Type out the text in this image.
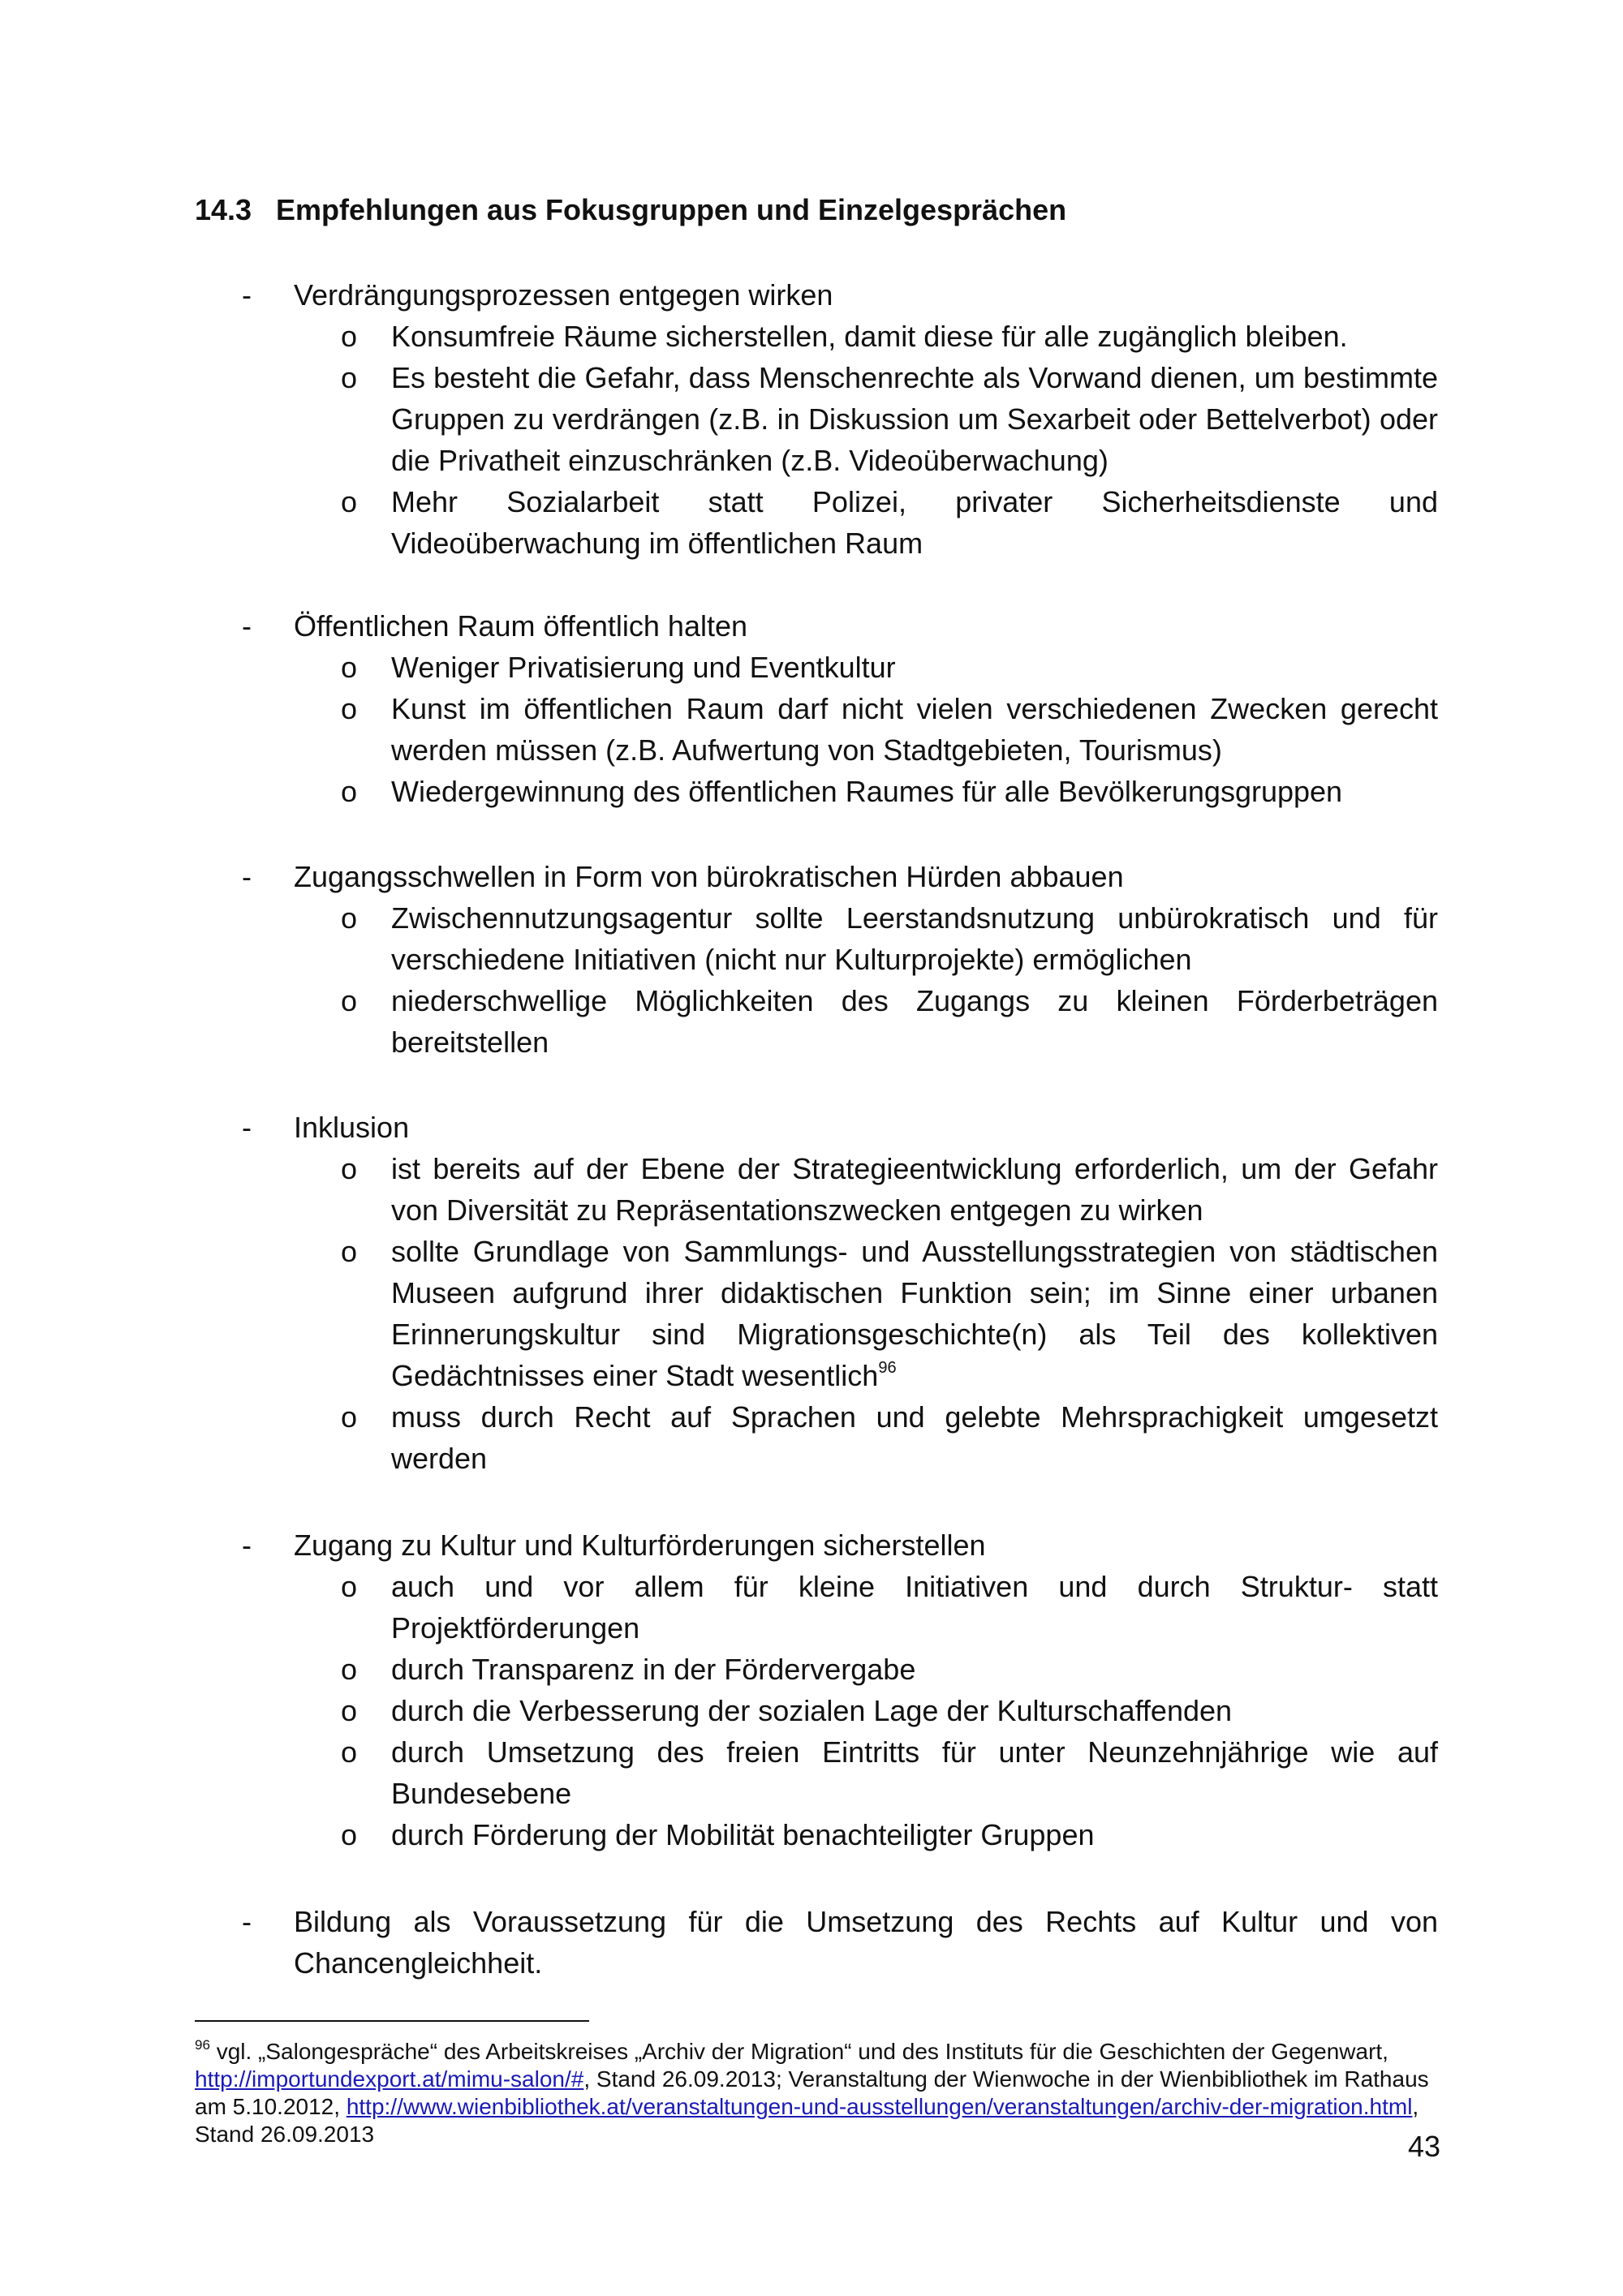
14.3 Empfehlungen aus Fokusgruppen und Einzelgesprächen
- Verdrängungsprozessen entgegen wirken
o Konsumfreie Räume sicherstellen, damit diese für alle zugänglich bleiben.
o Es besteht die Gefahr, dass Menschenrechte als Vorwand dienen, um bestimmte Gruppen zu verdrängen (z.B. in Diskussion um Sexarbeit oder Bettelverbot) oder die Privatheit einzuschränken (z.B. Videoüberwachung)
o Mehr Sozialarbeit statt Polizei, privater Sicherheitsdienste und Videoüberwachung im öffentlichen Raum
- Öffentlichen Raum öffentlich halten
o Weniger Privatisierung und Eventkultur
o Kunst im öffentlichen Raum darf nicht vielen verschiedenen Zwecken gerecht werden müssen (z.B. Aufwertung von Stadtgebieten, Tourismus)
o Wiedergewinnung des öffentlichen Raumes für alle Bevölkerungsgruppen
- Zugangsschwellen in Form von bürokratischen Hürden abbauen
o Zwischennutzungsagentur sollte Leerstandsnutzung unbürokratisch und für verschiedene Initiativen (nicht nur Kulturprojekte) ermöglichen
o niederschwellige Möglichkeiten des Zugangs zu kleinen Förderbeträgen bereitstellen
- Inklusion
o ist bereits auf der Ebene der Strategieentwicklung erforderlich, um der Gefahr von Diversität zu Repräsentationszwecken entgegen zu wirken
o sollte Grundlage von Sammlungs- und Ausstellungsstrategien von städtischen Museen aufgrund ihrer didaktischen Funktion sein; im Sinne einer urbanen Erinnerungskultur sind Migrationsgeschichte(n) als Teil des kollektiven Gedächtnisses einer Stadt wesentlich$^{96}$
o muss durch Recht auf Sprachen und gelebte Mehrsprachigkeit umgesetzt werden
- Zugang zu Kultur und Kulturförderungen sicherstellen
o auch und vor allem für kleine Initiativen und durch Struktur- statt Projektförderungen
o durch Transparenz in der Fördervergabe
o durch die Verbesserung der sozialen Lage der Kulturschaffenden
o durch Umsetzung des freien Eintritts für unter Neunzehnjährige wie auf Bundesebene
o durch Förderung der Mobilität benachteiligter Gruppen
- Bildung als Voraussetzung für die Umsetzung des Rechts auf Kultur und von Chancengleichheit.
$^{96}$ vgl. „Salongespräche“ des Arbeitskreises „Archiv der Migration“ und des Instituts für die Geschichten der Gegenwart, http://importundexport.at/mimu-salon/#, Stand 26.09.2013; Veranstaltung der Wienwoche in der Wienbibliothek im Rathaus am 5.10.2012, http://www.wienbibliothek.at/veranstaltungen-und-ausstellungen/veranstaltungen/archiv-der-migration.html, Stand 26.09.2013	43
